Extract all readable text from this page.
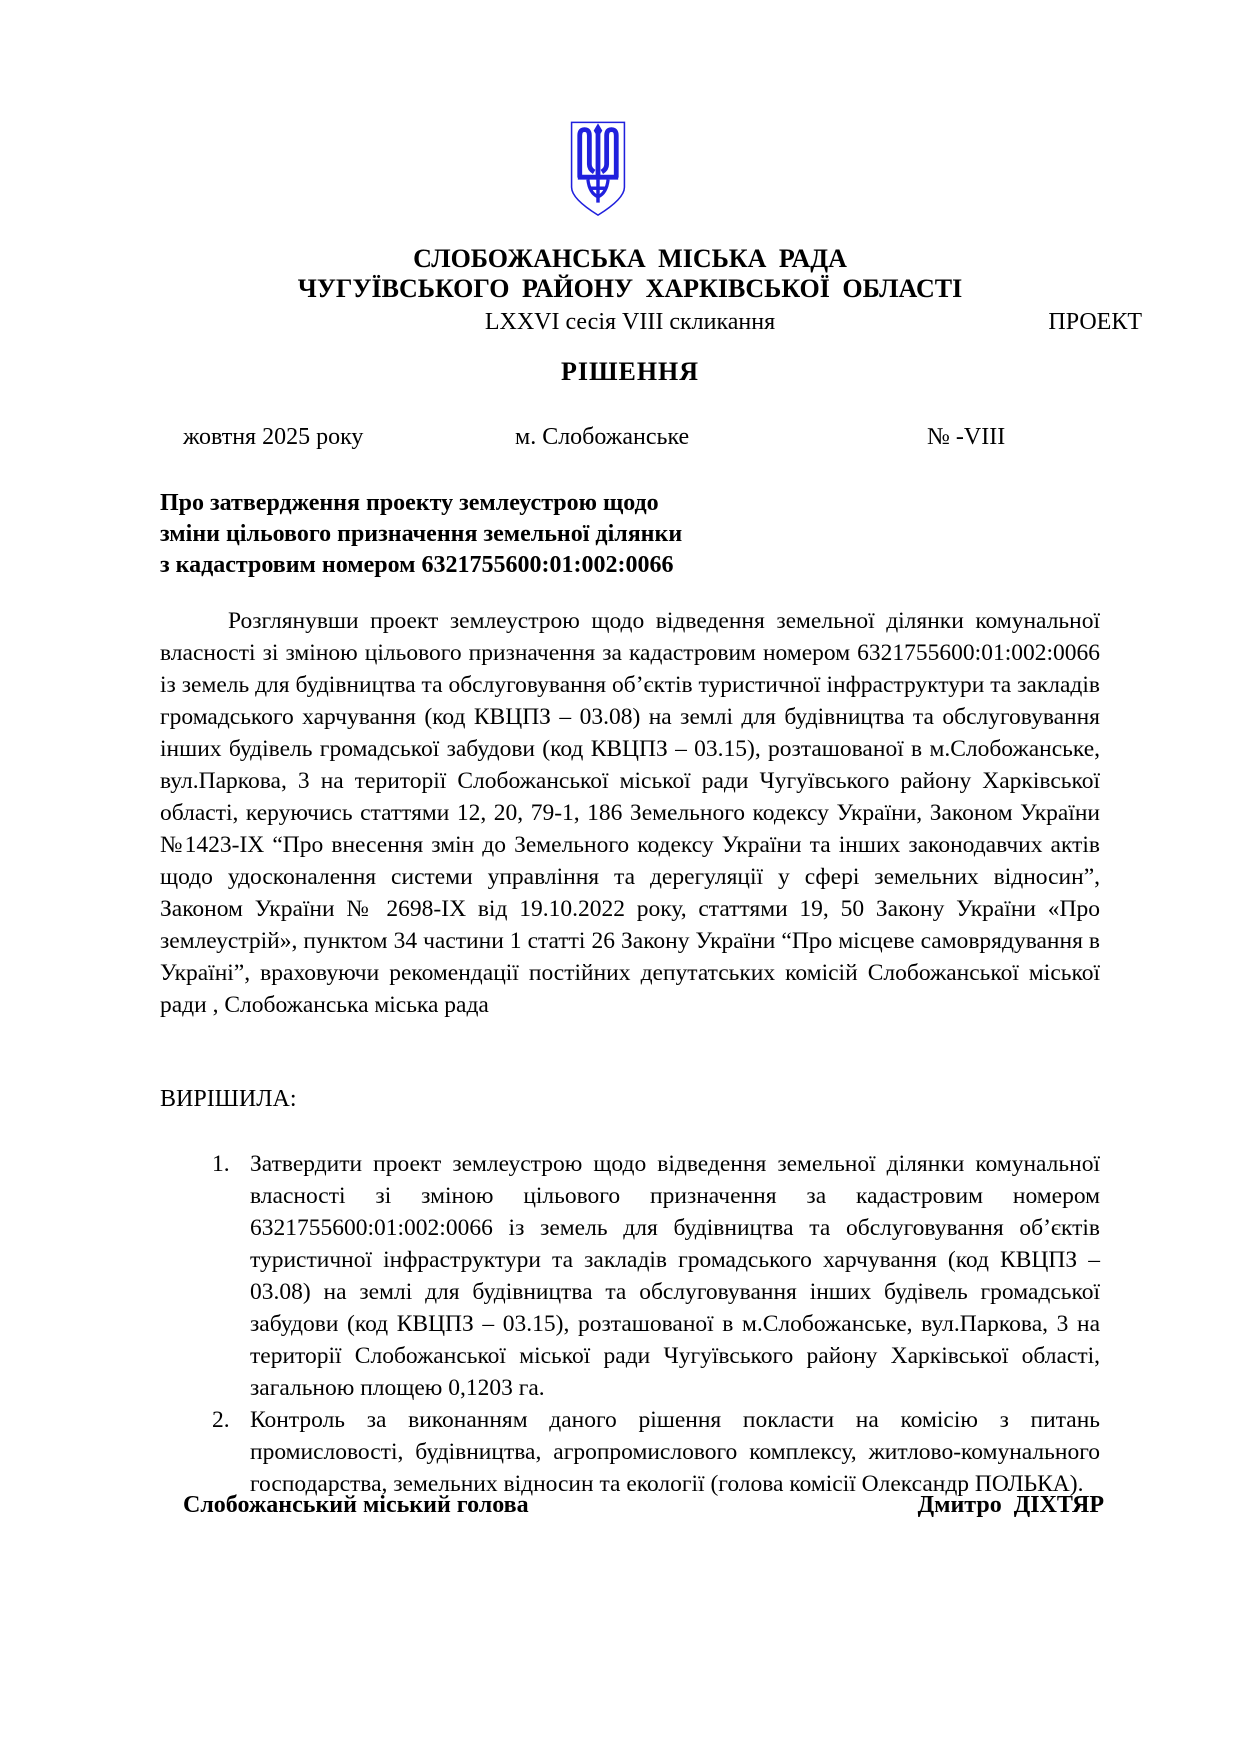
СЛОБОЖАНСЬКА МІСЬКА РАДА
ЧУГУЇВСЬКОГО РАЙОНУ ХАРКІВСЬКОЇ ОБЛАСТІ
LXXVI сесія VIII скликання	ПРОЕКТ
РІШЕННЯ
жовтня 2025 року	м. Слобожанське	№ -VIII
Про затвердження проекту землеустрою щодо
зміни цільового призначення земельної ділянки
з кадастровим номером 6321755600:01:002:0066
Розглянувши проект землеустрою щодо відведення земельної ділянки комунальної власності зі зміною цільового призначення за кадастровим номером 6321755600:01:002:0066 із земель для будівництва та обслуговування об’єктів туристичної інфраструктури та закладів громадського харчування (код КВЦПЗ – 03.08) на землі для будівництва та обслуговування інших будівель громадської забудови (код КВЦПЗ – 03.15), розташованої в м.Слобожанське, вул.Паркова, 3 на території Слобожанської міської ради Чугуївського району Харківської області, керуючись статтями 12, 20, 79-1, 186 Земельного кодексу України, Законом України №1423-IX “Про внесення змін до Земельного кодексу України та інших законодавчих актів щодо удосконалення системи управління та дерегуляції у сфері земельних відносин”, Законом України № 2698-IX від 19.10.2022 року, статтями 19, 50 Закону України «Про землеустрій», пунктом 34 частини 1 статті 26 Закону України “Про місцеве самоврядування в Україні”, враховуючи рекомендації постійних депутатських комісій Слобожанської міської ради , Слобожанська міська рада
ВИРІШИЛА:
1. Затвердити проект землеустрою щодо відведення земельної ділянки комунальної власності зі зміною цільового призначення за кадастровим номером 6321755600:01:002:0066 із земель для будівництва та обслуговування об’єктів туристичної інфраструктури та закладів громадського харчування (код КВЦПЗ – 03.08) на землі для будівництва та обслуговування інших будівель громадської забудови (код КВЦПЗ – 03.15), розташованої в м.Слобожанське, вул.Паркова, 3 на території Слобожанської міської ради Чугуївського району Харківської області, загальною площею 0,1203 га.
2. Контроль за виконанням даного рішення покласти на комісію з питань промисловості, будівництва, агропромислового комплексу, житлово-комунального господарства, земельних відносин та екології (голова комісії Олександр ПОЛЬКА).
Слобожанський міський голова	Дмитро ДІХТЯР
